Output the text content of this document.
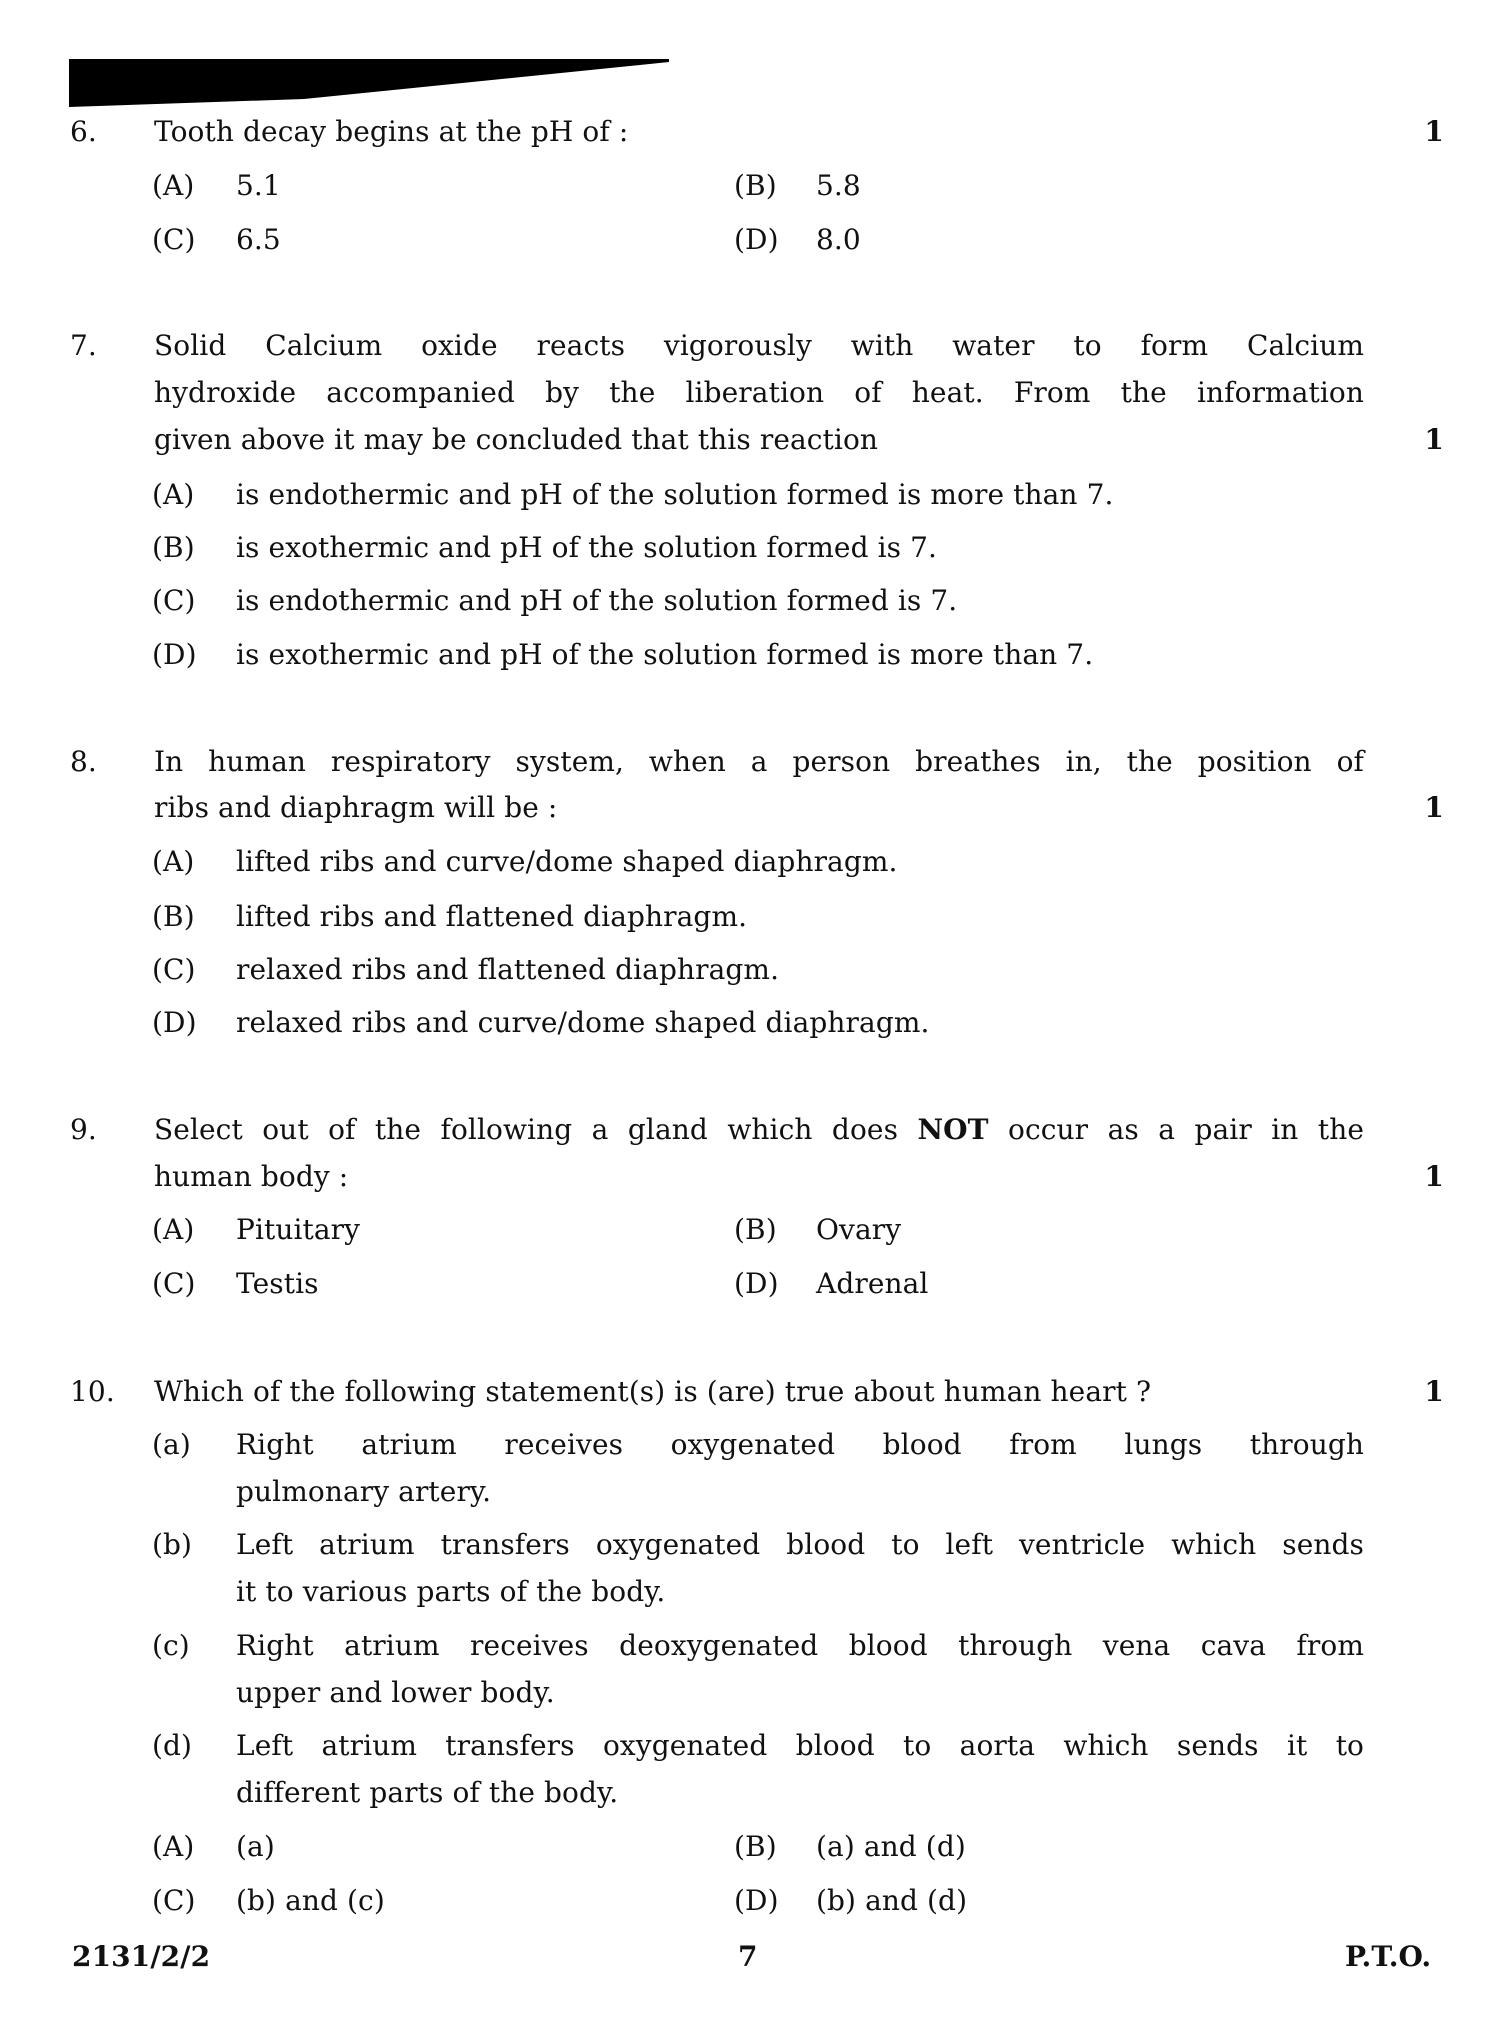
6. Tooth decay begins at the pH of :	1
(A) 5.1	(B) 5.8
(C) 6.5	(D) 8.0
7. Solid Calcium oxide reacts vigorously with water to form Calcium
hydroxide accompanied by the liberation of heat. From the information
given above it may be concluded that this reaction	1
(A) is endothermic and pH of the solution formed is more than 7.
(B) is exothermic and pH of the solution formed is 7.
(C) is endothermic and pH of the solution formed is 7.
(D) is exothermic and pH of the solution formed is more than 7.
8. In human respiratory system, when a person breathes in, the position of
ribs and diaphragm will be :	1
(A) lifted ribs and curve/dome shaped diaphragm.
(B) lifted ribs and flattened diaphragm.
(C) relaxed ribs and flattened diaphragm.
(D) relaxed ribs and curve/dome shaped diaphragm.
9. Select out of the following a gland which does NOT occur as a pair in the
human body :	1
(A) Pituitary	(B) Ovary
(C) Testis	(D) Adrenal
10. Which of the following statement(s) is (are) true about human heart ?	1
(a) Right atrium receives oxygenated blood from lungs through
pulmonary artery.
(b) Left atrium transfers oxygenated blood to left ventricle which sends
it to various parts of the body.
(c) Right atrium receives deoxygenated blood through vena cava from
upper and lower body.
(d) Left atrium transfers oxygenated blood to aorta which sends it to
different parts of the body.
(A) (a)	(B) (a) and (d)
(C) (b) and (c)	(D) (b) and (d)
2131/2/2	7	P.T.O.
